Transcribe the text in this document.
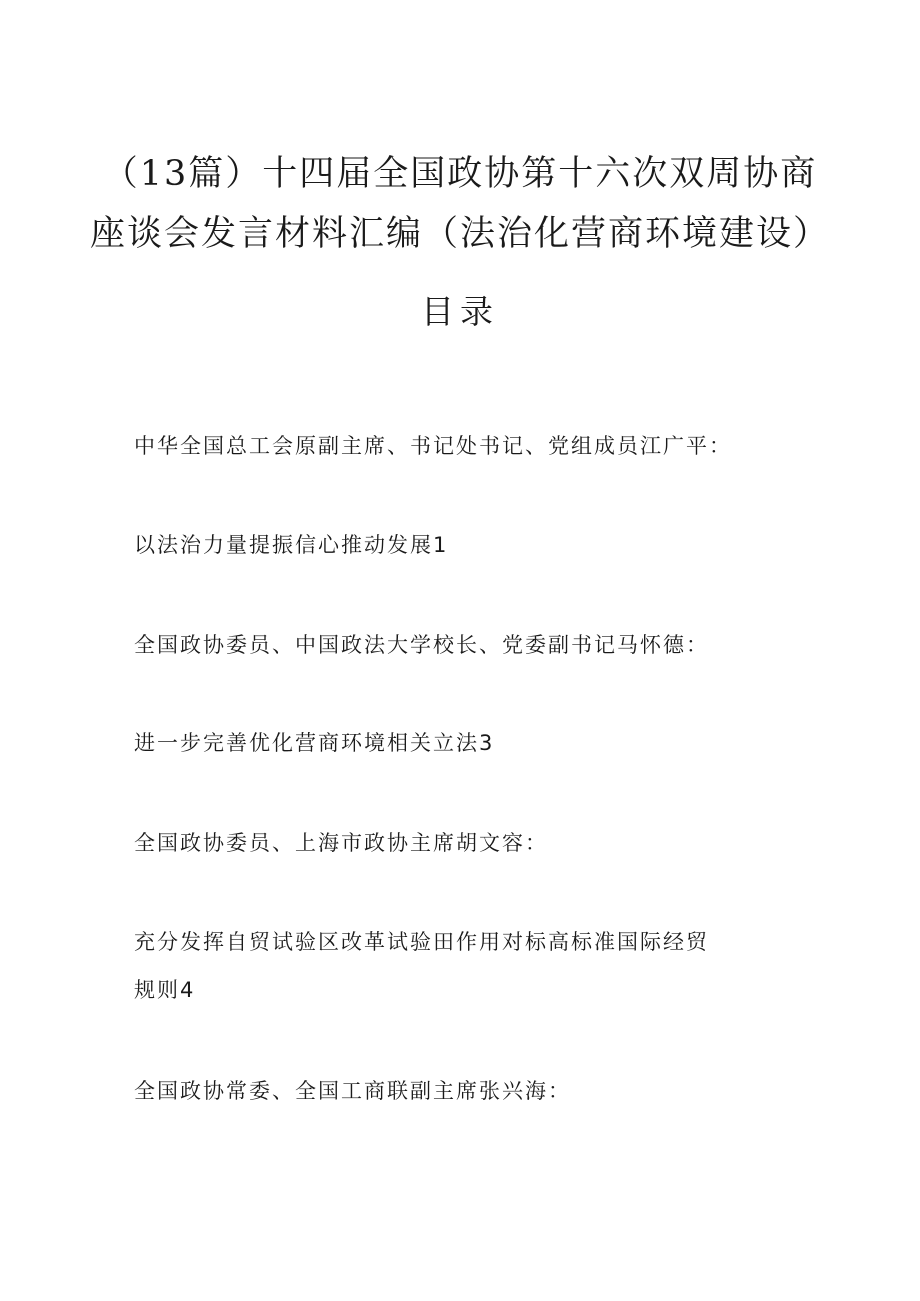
（13篇）十四届全国政协第十六次双周协商
座谈会发言材料汇编（法治化营商环境建设）
目录
中华全国总工会原副主席、书记处书记、党组成员江广平：
以法治力量提振信心推动发展1
全国政协委员、中国政法大学校长、党委副书记马怀德：
进一步完善优化营商环境相关立法3
全国政协委员、上海市政协主席胡文容：
充分发挥自贸试验区改革试验田作用对标高标准国际经贸
规则4
全国政协常委、全国工商联副主席张兴海：
